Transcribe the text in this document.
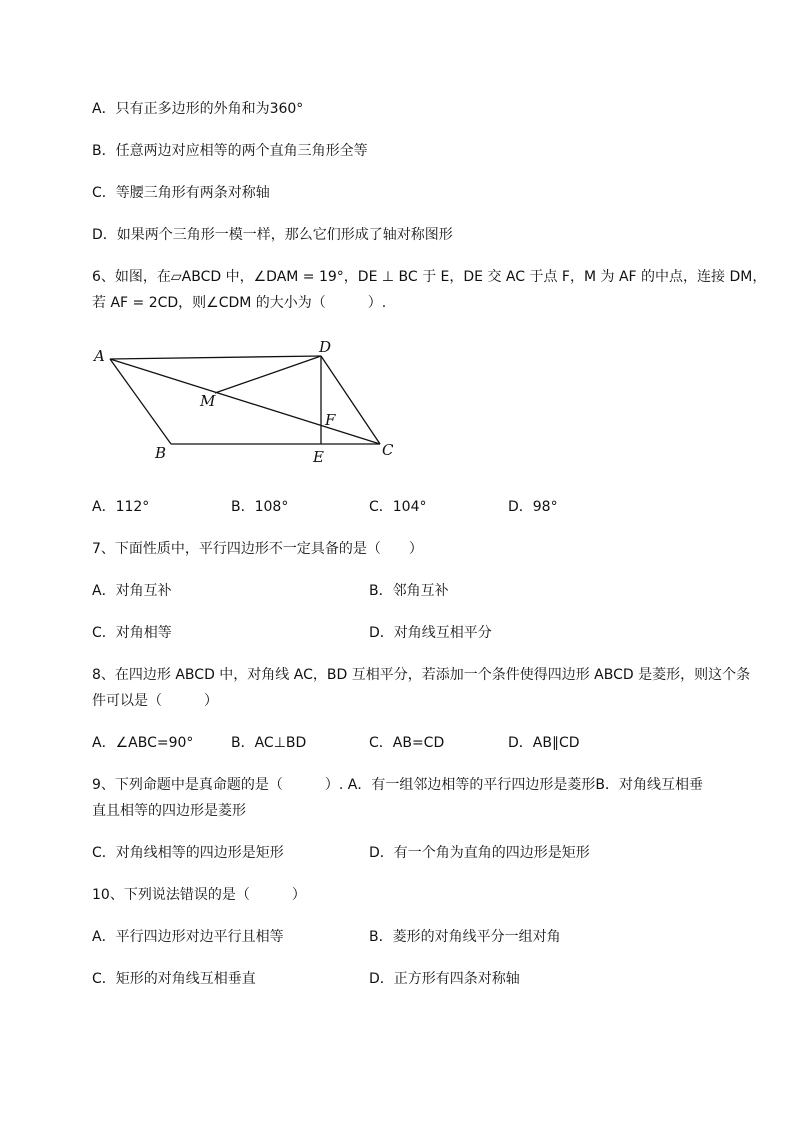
A．只有正多边形的外角和为360°
B．任意两边对应相等的两个直角三角形全等
C．等腰三角形有两条对称轴
D．如果两个三角形一模一样，那么它们形成了轴对称图形
6、如图，在▱ABCD 中，∠DAM = 19°，DE ⊥ BC 于 E，DE 交 AC 于点 F，M 为 AF 的中点，连接 DM，
若 AF = 2CD，则∠CDM 的大小为（　　　）.
A	D
M
F
B	E	C
A．112°	B．108°	C．104°	D．98°
7、下面性质中，平行四边形不一定具备的是（　　）
A．对角互补	B．邻角互补
C．对角相等	D．对角线互相平分
8、在四边形 ABCD 中，对角线 AC，BD 互相平分，若添加一个条件使得四边形 ABCD 是菱形，则这个条
件可以是（　　　）
A．∠ABC=90°	B．AC⊥BD	C．AB=CD	D．AB∥CD
9、下列命题中是真命题的是（　　　）. A．有一组邻边相等的平行四边形是菱形B．对角线互相垂
直且相等的四边形是菱形
C．对角线相等的四边形是矩形	D．有一个角为直角的四边形是矩形
10、下列说法错误的是（　　　）
A．平行四边形对边平行且相等	B．菱形的对角线平分一组对角
C．矩形的对角线互相垂直	D．正方形有四条对称轴
